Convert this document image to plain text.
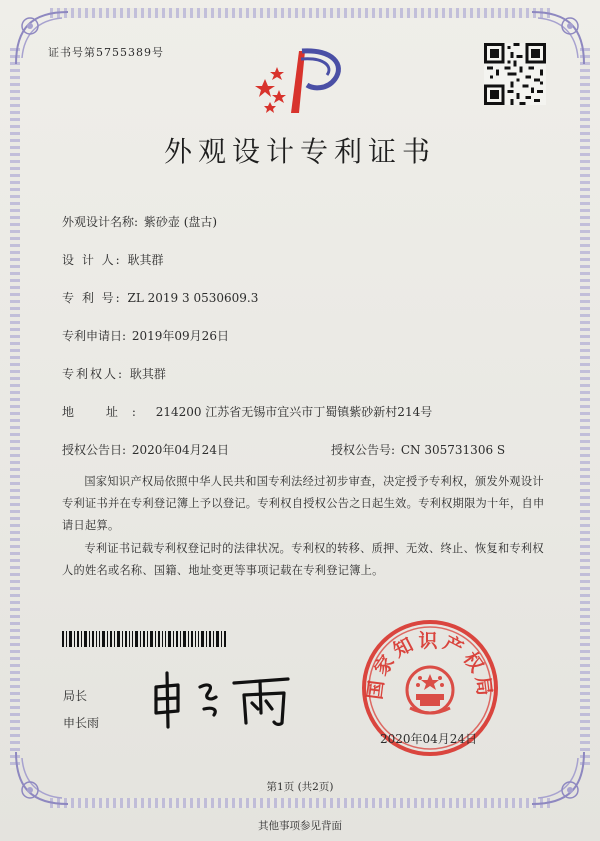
证书号第5755389号
外观设计专利证书
外观设计名称: 紫砂壶 (盘古)
设 计 人: 耿其群
专 利 号: ZL 2019 3 0530609.3
专利申请日: 2019年09月26日
专利权人: 耿其群
地 址: 214200 江苏省无锡市宜兴市丁蜀镇紫砂新村214号
授权公告日: 2020年04月24日	授权公告号: CN 305731306 S
国家知识产权局依照中华人民共和国专利法经过初步审查，决定授予专利权，颁发外观设计专利证书并在专利登记簿上予以登记。专利权自授权公告之日起生效。专利权期限为十年，自申请日起算。
专利证书记载专利权登记时的法律状况。专利权的转移、质押、无效、终止、恢复和专利权人的姓名或名称、国籍、地址变更等事项记载在专利登记簿上。
局长
申长雨
国家知识产权局
2020年04月24日
第1页 (共2页)
其他事项参见背面
